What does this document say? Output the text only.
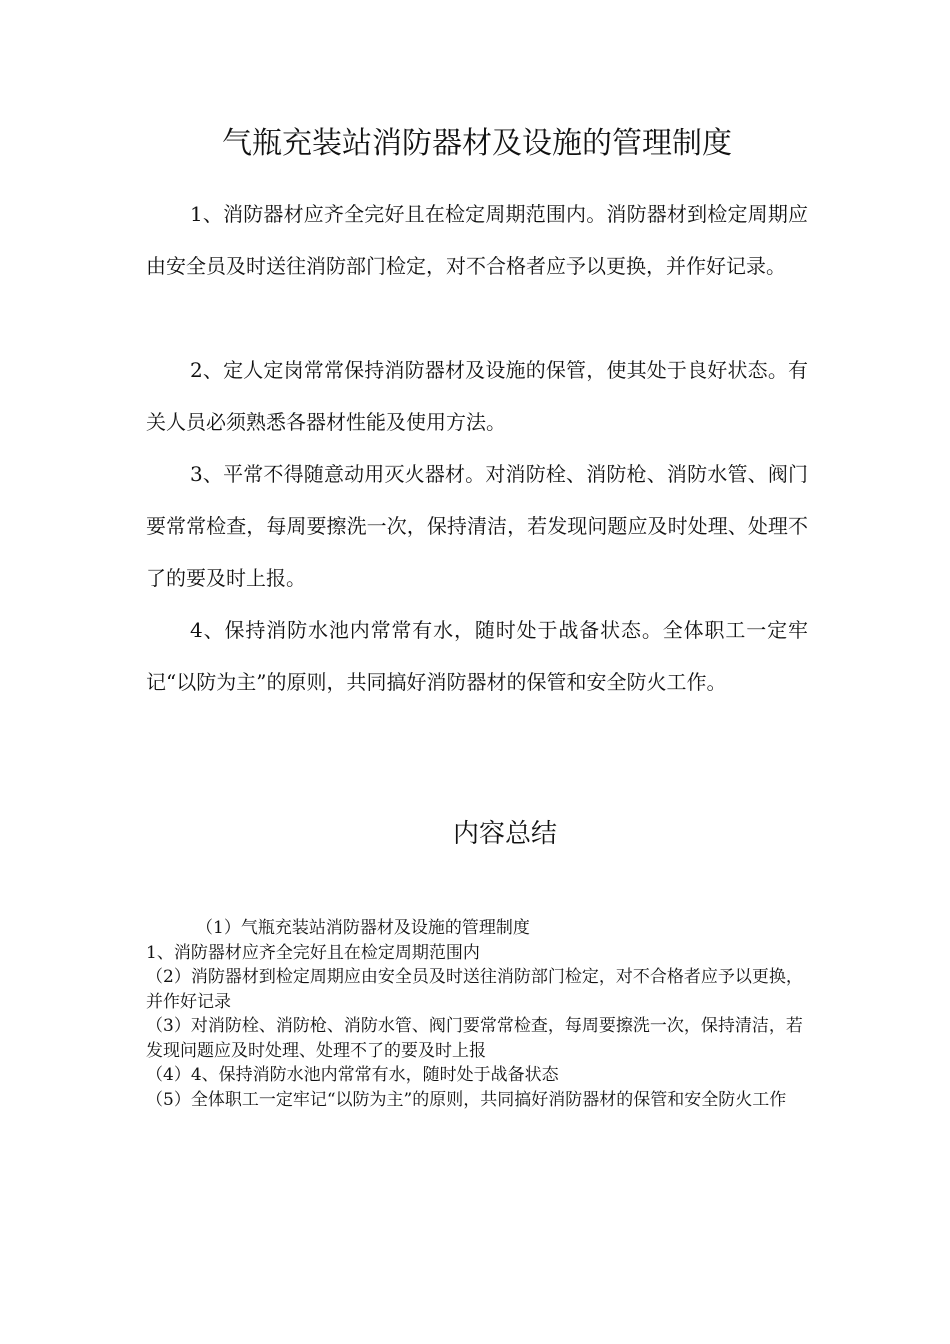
气瓶充装站消防器材及设施的管理制度

1、消防器材应齐全完好且在检定周期范围内。消防器材到检定周期应由安全员及时送往消防部门检定，对不合格者应予以更换，并作好记录。

2、定人定岗常常保持消防器材及设施的保管，使其处于良好状态。有关人员必须熟悉各器材性能及使用方法。

3、平常不得随意动用灭火器材。对消防栓、消防枪、消防水管、阀门要常常检查，每周要擦洗一次，保持清洁，若发现问题应及时处理、处理不了的要及时上报。

4、保持消防水池内常常有水，随时处于战备状态。全体职工一定牢记“以防为主”的原则，共同搞好消防器材的保管和安全防火工作。

内容总结
（1）气瓶充装站消防器材及设施的管理制度
1、消防器材应齐全完好且在检定周期范围内
（2）消防器材到检定周期应由安全员及时送往消防部门检定，对不合格者应予以更换，并作好记录
（3）对消防栓、消防枪、消防水管、阀门要常常检查，每周要擦洗一次，保持清洁，若发现问题应及时处理、处理不了的要及时上报
（4）4、保持消防水池内常常有水，随时处于战备状态
（5）全体职工一定牢记“以防为主”的原则，共同搞好消防器材的保管和安全防火工作
